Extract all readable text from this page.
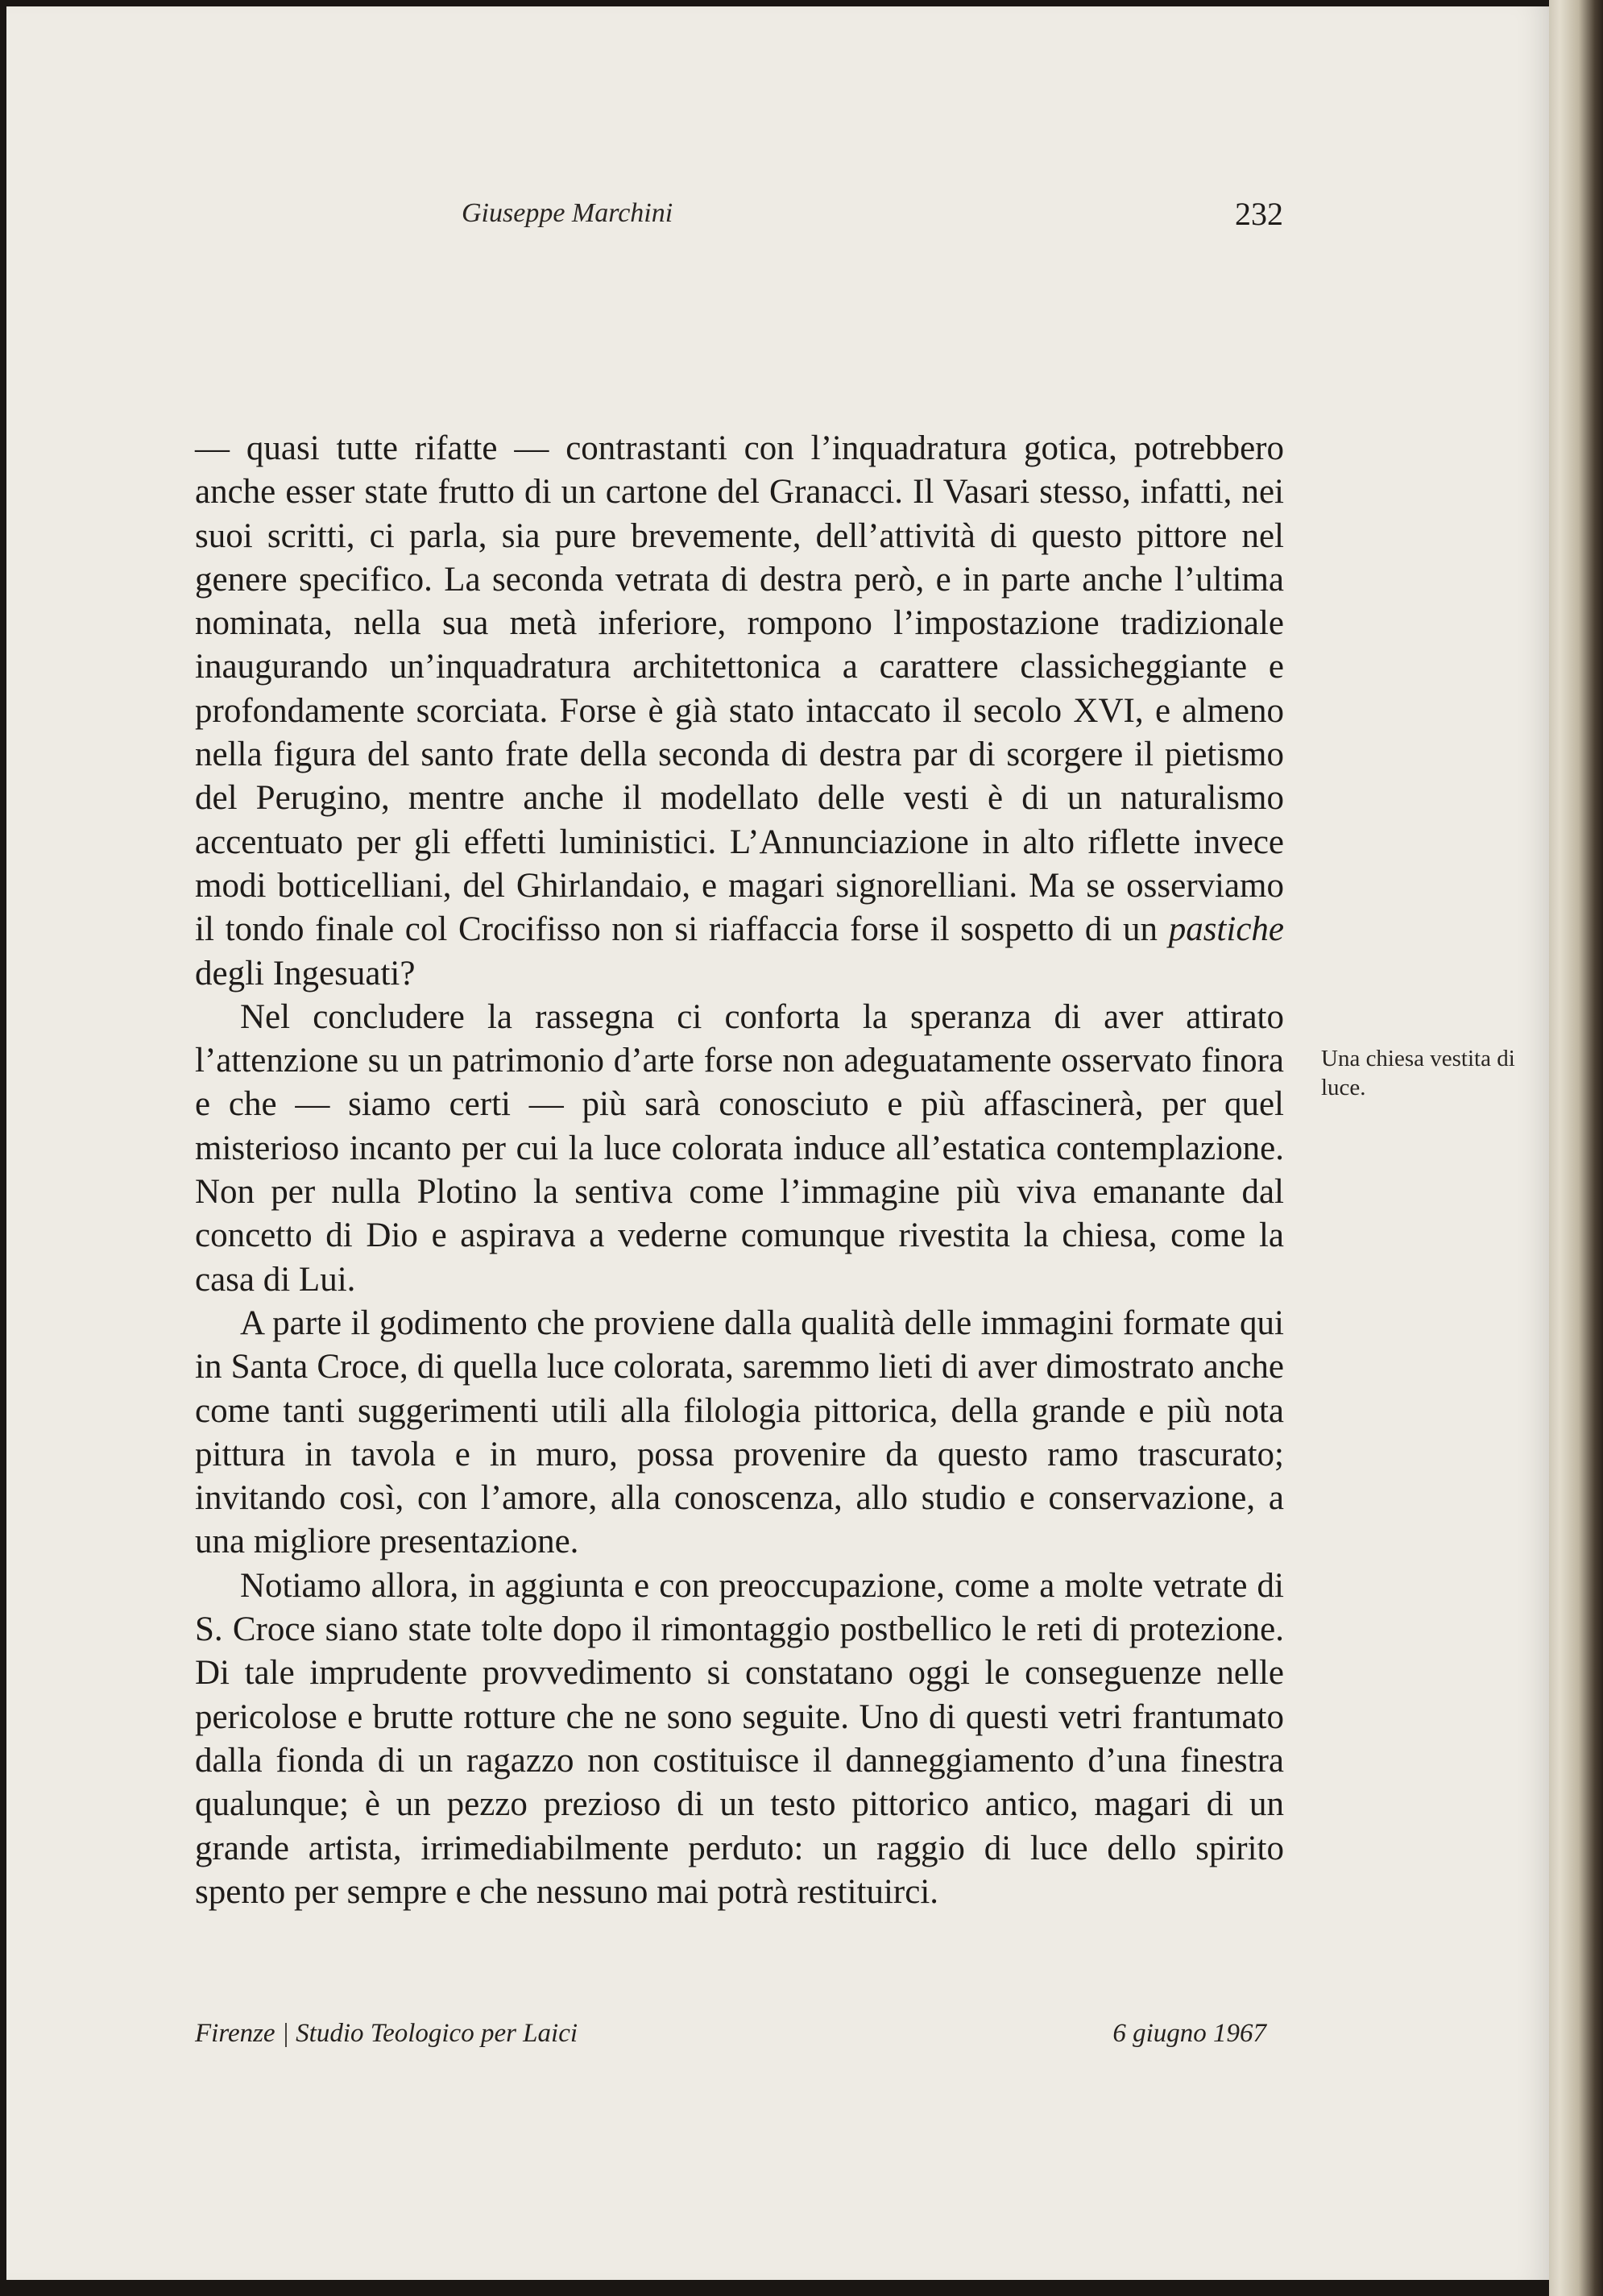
Giuseppe Marchini	232

— quasi tutte rifatte — contrastanti con l’inquadratura gotica, potrebbero anche esser state frutto di un cartone del Granacci. Il Vasari stesso, infatti, nei suoi scritti, ci parla, sia pure brevemente, dell’attività di questo pittore nel genere specifico. La seconda vetrata di destra però, e in parte anche l’ultima nominata, nella sua metà inferiore, rompono l’impostazione tradizionale inaugurando un’inquadratura architettonica a carattere classicheggiante e profondamente scorciata. Forse è già stato intaccato il secolo XVI, e almeno nella figura del santo frate della seconda di destra par di scorgere il pietismo del Perugino, mentre anche il modellato delle vesti è di un naturalismo accentuato per gli effetti luministici. L’Annunciazione in alto riflette invece modi botticelliani, del Ghirlandaio, e magari signorelliani. Ma se osserviamo il tondo finale col Crocifisso non si riaffaccia forse il sospetto di un pastiche degli Ingesuati?

Nel concludere la rassegna ci conforta la speranza di aver attirato l’attenzione su un patrimonio d’arte forse non adeguatamente osservato finora e che — siamo certi — più sarà conosciuto e più affascinerà, per quel misterioso incanto per cui la luce colorata induce all’estatica contemplazione. Non per nulla Plotino la sentiva come l’immagine più viva emanante dal concetto di Dio e aspirava a vederne comunque rivestita la chiesa, come la casa di Lui.

A parte il godimento che proviene dalla qualità delle immagini formate qui in Santa Croce, di quella luce colorata, saremmo lieti di aver dimostrato anche come tanti suggerimenti utili alla filologia pittorica, della grande e più nota pittura in tavola e in muro, possa provenire da questo ramo trascurato; invitando così, con l’amore, alla conoscenza, allo studio e conservazione, a una migliore presentazione.

Notiamo allora, in aggiunta e con preoccupazione, come a molte vetrate di S. Croce siano state tolte dopo il rimontaggio postbellico le reti di protezione. Di tale imprudente provvedimento si constatano oggi le conseguenze nelle pericolose e brutte rotture che ne sono seguite. Uno di questi vetri frantumato dalla fionda di un ragazzo non costituisce il danneggiamento d’una finestra qualunque; è un pezzo prezioso di un testo pittorico antico, magari di un grande artista, irrimediabilmente perduto: un raggio di luce dello spirito spento per sempre e che nessuno mai potrà restituirci.

Una chiesa vestita di luce.
Firenze | Studio Teologico per Laici	6 giugno 1967
